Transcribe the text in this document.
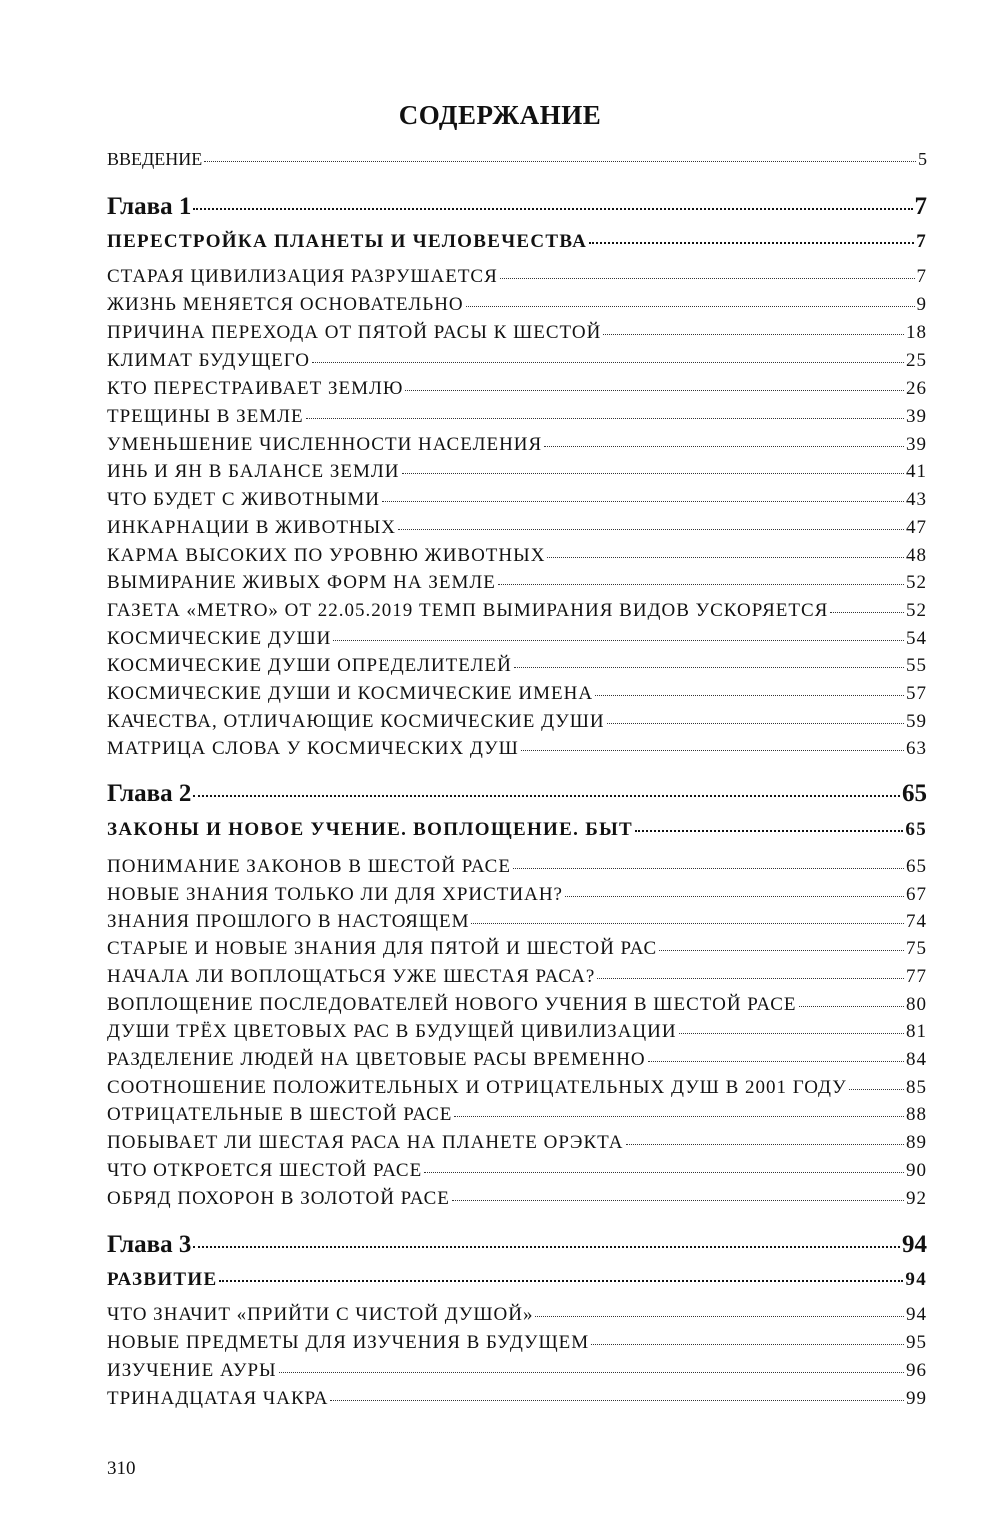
СОДЕРЖАНИЕ
ВВЕДЕНИЕ	5
Глава 1	7
ПЕРЕСТРОЙКА ПЛАНЕТЫ И ЧЕЛОВЕЧЕСТВА	7
СТАРАЯ ЦИВИЛИЗАЦИЯ РАЗРУШАЕТСЯ	7
ЖИЗНЬ МЕНЯЕТСЯ ОСНОВАТЕЛЬНО	9
ПРИЧИНА ПЕРЕХОДА ОТ ПЯТОЙ РАСЫ К ШЕСТОЙ	18
КЛИМАТ БУДУЩЕГО	25
КТО ПЕРЕСТРАИВАЕТ ЗЕМЛЮ	26
ТРЕЩИНЫ В ЗЕМЛЕ	39
УМЕНЬШЕНИЕ ЧИСЛЕННОСТИ НАСЕЛЕНИЯ	39
ИНЬ И ЯН В БАЛАНСЕ ЗЕМЛИ	41
ЧТО БУДЕТ С ЖИВОТНЫМИ	43
ИНКАРНАЦИИ В ЖИВОТНЫХ	47
КАРМА ВЫСОКИХ ПО УРОВНЮ ЖИВОТНЫХ	48
ВЫМИРАНИЕ ЖИВЫХ ФОРМ НА ЗЕМЛЕ	52
ГАЗЕТА «METRO» ОТ 22.05.2019 ТЕМП ВЫМИРАНИЯ ВИДОВ УСКОРЯЕТСЯ	52
КОСМИЧЕСКИЕ ДУШИ	54
КОСМИЧЕСКИЕ ДУШИ ОПРЕДЕЛИТЕЛЕЙ	55
КОСМИЧЕСКИЕ ДУШИ И КОСМИЧЕСКИЕ ИМЕНА	57
КАЧЕСТВА, ОТЛИЧАЮЩИЕ КОСМИЧЕСКИЕ ДУШИ	59
МАТРИЦА СЛОВА У КОСМИЧЕСКИХ ДУШ	63
Глава 2	65
ЗАКОНЫ И НОВОЕ УЧЕНИЕ. ВОПЛОЩЕНИЕ. БЫТ	65
ПОНИМАНИЕ ЗАКОНОВ В ШЕСТОЙ РАСЕ	65
НОВЫЕ ЗНАНИЯ ТОЛЬКО ЛИ ДЛЯ ХРИСТИАН?	67
ЗНАНИЯ ПРОШЛОГО В НАСТОЯЩЕМ	74
СТАРЫЕ И НОВЫЕ ЗНАНИЯ ДЛЯ ПЯТОЙ И ШЕСТОЙ РАС	75
НАЧАЛА ЛИ ВОПЛОЩАТЬСЯ УЖЕ ШЕСТАЯ РАСА?	77
ВОПЛОЩЕНИЕ ПОСЛЕДОВАТЕЛЕЙ НОВОГО УЧЕНИЯ В ШЕСТОЙ РАСЕ	80
ДУШИ ТРЁХ ЦВЕТОВЫХ РАС В БУДУЩЕЙ ЦИВИЛИЗАЦИИ	81
РАЗДЕЛЕНИЕ ЛЮДЕЙ НА ЦВЕТОВЫЕ РАСЫ ВРЕМЕННО	84
СООТНОШЕНИЕ ПОЛОЖИТЕЛЬНЫХ И ОТРИЦАТЕЛЬНЫХ ДУШ В 2001 ГОДУ	85
ОТРИЦАТЕЛЬНЫЕ В ШЕСТОЙ РАСЕ	88
ПОБЫВАЕТ ЛИ ШЕСТАЯ РАСА НА ПЛАНЕТЕ ОРЭКТА	89
ЧТО ОТКРОЕТСЯ ШЕСТОЙ РАСЕ	90
ОБРЯД ПОХОРОН В ЗОЛОТОЙ РАСЕ	92
Глава 3	94
РАЗВИТИЕ	94
ЧТО ЗНАЧИТ «ПРИЙТИ С ЧИСТОЙ ДУШОЙ»	94
НОВЫЕ ПРЕДМЕТЫ ДЛЯ ИЗУЧЕНИЯ В БУДУЩЕМ	95
ИЗУЧЕНИЕ АУРЫ	96
ТРИНАДЦАТАЯ ЧАКРА	99
310
